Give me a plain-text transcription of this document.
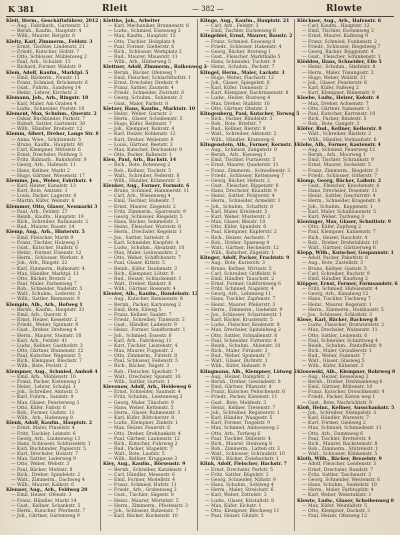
K 381	Rleit	— 382 —	Rlowte
Kleit, Herm., Geschäftsführer, 2012
— Aug., Fabrikarb., Gartenstr. 12
— Bernh., Kaufm., Hauptstr. 4
— Wilh., Maurer, Bergstr. 8
Kleitz, Karl, Zimmerm., Feldstr. 3
— Ernst, Tischler, Lindenstr. 21
— Friedr., Kutscher, Hofstr. 7
— Otto, Schlosser, Mühlenweg 2
— Paul, Arb., Schulstr. 15
— Richard, Former, Waldstr. 9
Klem, Adolf, Kaufm., Marktpl. 5
— Emil, Bäckerm., Neustr. 11
— Franz, Schmied, Brückenstr. 6
— Gust., Fuhrm., Sandweg 14
— Heinr., Lehrer, Kirchstr. 3
Klemann, Joh., Arb., Ringstr. 18
— Karl, Maler, Am Graben 4
— Ludw., Schneider, Poststr. 10
Klement, Max, Schuhm., Querstr. 2
— Oskar, Buchbinder, Parkstr. 7
— Robert, Sattler, Gartenstr. 30
— Wilh., Händler, Breitestr. 12
Klemm, Albert, Dreher, Lange Str. 8
— Anna, Wwe., Schützenstr. 5
— Bruno, Kaufm., Hauptstr. 40
— Carl, Klempner, Mittelstr. 6
— Ernst, Drechsler, Feldweg 3
— Fritz, Bahnarb., Bahnhofstr. 9
— Georg, Arb., Hafenstr. 11
— Hans, Kellner, Markt 2
— Hugo, Gärtner, Wiesenstr. 17
Klemme, Jos., Weber, Fabrikstr. 4
— Karl, Heizer, Kanalstr. 13
— Kurt, Bote, Amtsstr. 1
— Louis, Packer, Lagerstr. 8
— Martin, Küfer, Weinstr. 6
Klemmer, Otto, Glaser, Neumarkt 3
— Paul, Arb., Feldstr. 27
— Reinh., Kaufm., Hauptstr. 19
— Rich., Schreiber, Rathausstr. 2
— Rud., Maurer, Baustr. 14
Klemp, Aug., Arb., Hinterstr. 5
— Emil, Fleischer, Markt 9
— Franz, Tischler, Holzweg 3
— Gust., Kutscher, Stallstr. 6
— Heinr., Former, Eisenstr. 12
— Herm., Schlosser, Werkstr. 8
— Joh., Arb., Ringstr. 22
— Karl, Zimmerm., Balkenstr. 4
— Max, Händler, Marktpl. 11
— Otto, Bäcker, Brotstr. 2
— Paul, Maler, Farbenweg 7
— Rob., Schneider, Nadelstr. 5
— Walt., Schuhm., Lederstr. 3
— Wilh., Sattler, Riemenstr. 9
Klempin, Alb., Arb., Hofweg 1
— Bernh., Kaufm., Hauptstr. 33
— Emil, Arb., Querstr. 6
— Ernst, Heizer, Kesselstr. 2
— Friedr., Weber, Spinnstr. 8
— Gust., Dreher, Drehweg 4
— Herm., Maurer, Steinstr. 10
— Karl, Arb., Feldstr. 41
— Ludw., Kellner, Gasthofstr. 3
— Otto, Gärtner, Blumenstr. 12
— Paul, Kutscher, Wagenstr. 5
— Rich., Klempner, Blechstr. 7
— Wilh., Bote, Poststr. 2
Klempner, Aug., Schmied, Amboß 4
— Emil, Arb., Mühlenstr. 16
— Franz, Packer, Kistenweg 2
— Heinr., Lehrer, Schulpl. 1
— Joh., Schreiber, Amtsstr. 5
— Karl, Fuhrm., Sandstr. 9
— Max, Glaser, Fensterweg 3
— Otto, Küfer, Faßstr. 6
— Rob., Former, Gußstr. 11
— Wilh., Arb., Hafenweg 8
Klenk, Adolf, Kaufm., Hauptstr. 2
— Ernst, Maler, Pinselstr. 4
— Fritz, Tischler, Leimstr. 6
— Georg, Arb., Lindenweg 13
— Hans, Schlosser, Schlüsselstr. 1
— Karl, Buchbinder, Papierstr. 5
— Kurt, Drechsler, Holzstr. 7
— Max, Sattler, Lederweg 9
— Otto, Weber, Webstr. 3
— Paul, Bäcker, Mehlstr. 8
— Rich., Dreher, Spindelstr. 2
— Walt., Zimmerm., Dachweg 4
— Wilh., Maurer, Kalkstr. 6
Klenner, Aug., Arb., Feldweg 20
— Emil, Heizer, Ofenstr. 3
— Franz, Händler, Markt 14
— Gust., Kellner, Schankstr. 5
— Herm., Kutscher, Pferdestr. 7
— Joh., Gärtner, Gartenweg 9
Klettke, Joh., Arbeiter
— Karl, Mechaniker, Brunnenstr. 8
— Ludw., Schmied, Eisenweg 2
— Max, Kaufm., Hauptstr. 15
— Otto, Tischler, Holzplatz 4
— Paul, Former, Gießerstr. 6
— Rich., Schlosser, Werkplatz 3
— Rud., Maurer, Mauerstr. 11
— Wilh., Arb., Hinterweg 5
Klettner, Adolf, Zimmerm., Balkenweg 2
— Bernh., Bäcker, Ofenweg 7
— Emil, Fleischer, Schlachthofstr. 1
— Ernst, Drechsler, Drehstr. 9
— Franz, Sattler, Zaumstr. 4
— Friedr., Schneider, Zwirnstr. 6
— Georg, Schuhm., Sohlenstr. 3
— Gust., Maler, Farbstr. 8
Kletzer, Hans, Kaufm., Marktstr. 10
— Heinr., Weber, Garnstr. 2
— Herm., Glaser, Scheibenstr. 5
— Hugo, Küfer, Reifenstr. 7
— Joh., Klempner, Rohrstr. 4
— Karl, Heizer, Kohlenstr. 12
— Kurt, Dreher, Wellenstr. 6
— Louis, Gärtner, Beetstr. 3
— Max, Kutscher, Deichselstr. 9
— Otto, Packer, Ballenstr. 1
Kleu, Paul, Arb., Bachstr. 14
— Rich., Bote, Botenweg 2
— Rob., Kellner, Tischstr. 5
— Walt., Schreiber, Federstr. 8
— Wilh., Händler, Krämerstr. 3
Kleuker, Aug., Former, Formstr. 6
— Bruno, Schmied, Hammerstr. 11
— Carl, Arb., Wiesenweg 4
— Emil, Tischler, Hobelstr. 7
— Ernst, Maurer, Ziegelstr. 2
— Fritz, Zimmerm., Sparrenstr. 9
— Georg, Schlosser, Riegelstr. 5
— Hans, Bäcker, Semmelstr. 3
— Heinr., Fleischer, Wurststr. 8
— Herm., Drechsler, Kegelstr. 1
— Jos., Sattler, Sattelstr. 6
— Karl, Schneider, Knopfstr. 4
— Ludw., Schuhm., Absatzstr. 10
— Max, Maler, Leinwandstr. 2
— Otto, Weber, Schiffchenstr. 7
— Paul, Glaser, Kittstr. 5
— Reinh., Küfer, Daubenstr. 3
— Rich., Klempner, Lötstr. 9
— Rud., Heizer, Schlackenstr. 1
— Walt., Dreher, Bankstr. 6
— Wilh., Gärtner, Rosenstr. 4
Kleuter, Alb., Kaufm., Handelsstr. 12
— Aug., Kutscher, Remisenstr. 8
— Bernh., Packer, Kartonweg 2
— Emil, Bote, Eilweg 5
— Franz, Kellner, Saalstr. 7
— Friedr., Schreiber, Tintenstr. 3
— Gust., Händler, Ladenstr. 9
— Heinr., Former, Sandformstr. 1
— Joh., Schmied, Essestr. 6
— Karl, Arb., Fabrikweg 11
— Kurt, Tischler, Leistenstr. 4
— Max, Maurer, Fugenstr. 2
— Otto, Zimmerm., Firststr. 8
— Paul, Schlosser, Feilenstr. 5
— Rich., Bäcker, Teigstr. 3
— Rob., Fleischer, Speckstr. 7
— Walt., Drechsler, Spanstr. 10
— Wilh., Sattler, Gurtstr. 1
Klevenow, Adolf, Arb., Heideweg 6
— Ernst, Schneider, Saumstr. 4
— Fritz, Schuhm., Leistenweg 2
— Georg, Maler, Tünchstr. 9
— Hans, Weber, Kettenstr. 5
— Herm., Glaser, Rahmenstr. 3
— Karl, Küfer, Böttcherstr. 8
— Ludw., Klempner, Zinkstr. 1
— Max, Heizer, Feuerstr. 6
— Otto, Dreher, Drehbankstr. 4
— Paul, Gärtner, Laubenstr. 12
— Rich., Kutscher, Fuhrweg 2
— Rud., Packer, Stapelstr. 7
— Walt., Bote, Laufstr. 5
— Wilh., Kellner, Kruggasse 3
Kley, Aug., Kaufm., Börsenstr. 9
— Bernh., Schreiber, Kanzleistr. 1
— Carl, Händler, Messestr. 6
— Emil, Former, Modellstr. 4
— Franz, Schmied, Hufstr. 11
— Friedr., Arb., Grabenweg 2
— Gust., Tischler, Sägestr. 8
— Heinr., Maurer, Mörtelstr. 5
— Herm., Zimmerm., Pfostenstr. 3
— Joh., Schlosser, Bolzenstr. 7
— Karl, Bäcker, Kuchenstr. 10
Klinge, Aug., Kaufm., Hauptstr. 21
— Carl, Arb., Feldstr. 3
— Emil, Tischler, Eichenweg 6
Klingebiel, Ernst, Maurer, Baustr. 2
— Franz, Schmied, Esseweg 8
— Friedr., Schlosser, Hakenstr. 4
— Georg, Bäcker, Brotweg 1
— Gust., Fleischer, Markthalle 5
— Hans, Schneider, Tuchstr. 9
— Heinr., Schuhm., Pechstr. 7
Klingel, Herm., Maler, Lackstr. 3
— Hugo, Weber, Flachsstr. 12
— Joh., Glaser, Spiegelstr. 6
— Karl, Küfer, Tonnenstr. 2
— Kurt, Klempner, Dachrinnenstr. 8
— Ludw., Heizer, Rostweg 4
— Max, Dreher, Stahlstr. 10
— Otto, Gärtner, Obststr. 1
Klingenberg, Paul, Kutscher, Torweg 5
— Rich., Packer, Bündelstr. 3
— Rob., Bote, Briefstr. 7
— Rud., Kellner, Bierstr. 9
— Walt., Schreiber, Aktenstr. 2
— Wilh., Händler, Kramweg 6
Klingenstein, Alb., Former, Kernstr. 4
— Aug., Schmied, Zangenstr. 8
— Bernh., Arb., Kiesweg 1
— Emil, Tischler, Furnierstr. 5
— Ernst, Maurer, Quaderstr. 11
— Franz, Zimmerm., Schwellenstr. 3
— Friedr., Schlosser, Kettenweg 7
— Georg, Bäcker, Hefestr. 2
— Gust., Fleischer, Rippenstr. 6
— Hans, Drechsler, Knaufstr. 9
— Heinr., Sattler, Polsterstr. 4
— Herm., Schneider, Ärmelstr. 1
— Joh., Schuhm., Schaftstr. 8
— Karl, Maler, Kreidestr. 5
— Kurt, Weber, Musterstr. 3
— Max, Glaser, Bleistr. 10
— Otto, Küfer, Spundstr. 6
— Paul, Klempner, Kupferstr. 2
— Rich., Heizer, Aschestr. 7
— Rob., Dreher, Spanweg 4
— Walt., Gärtner, Heckenstr. 12
— Wilh., Kutscher, Zügelstr. 1
Klinger, Adolf, Packer, Frachtstr. 9
— Aug., Bote, Kurierstr. 3
— Bruno, Kellner, Wirtsstr. 5
— Carl, Schreiber, Griffelstr. 8
— Emil, Händler, Tauschstr. 2
— Ernst, Former, Gußformweg 6
— Fritz, Schmied, Nagelstr. 4
— Georg, Arb., Lehmweg 11
— Hans, Tischler, Zapfenstr. 7
— Heinr., Maurer, Pfeilerstr. 3
— Herm., Zimmerm., Giebelstr. 9
— Jos., Schlosser, Scharnierstr. 1
— Karl, Bäcker, Krustenstr. 5
— Ludw., Fleischer, Keulenstr. 8
— Max, Drechsler, Spindelweg 2
— Otto, Sattler, Schnallenstr. 6
— Paul, Schneider, Futterstr. 4
— Reinh., Schuhm., Ahlenstr. 10
— Rich., Maler, Firnisstr. 3
— Rud., Weber, Spulenstr. 7
— Walt., Glaser, Dichtstr. 1
— Wilh., Küfer, Hahnstr. 9
Klingmann, Alb., Klempner, Lötweg 5
— Aug., Heizer, Dampfstr. 2
— Bernh., Dreher, Gewindestr. 8
— Emil, Gärtner, Pflanzstr. 4
— Franz, Kutscher, Peitschenstr. 6
— Friedr., Packer, Kistenstr. 11
— Gust., Bote, Meldestr. 3
— Heinr., Kellner, Tresenstr. 7
— Joh., Schreiber, Registerstr. 1
— Karl, Händler, Waagestr. 5
— Kurt, Former, Tiegelstr. 9
— Max, Schmied, Ambossweg 2
— Otto, Arb., Torfweg 6
— Paul, Tischler, Dübelstr. 4
— Rich., Maurer, Steinweg 8
— Rob., Zimmerm., Latten str. 3
— Walt., Schlosser, Schraubstr. 10
— Wilh., Bäcker, Zwiebackstr. 1
Klink, Adolf, Fleischer, Hackstr. 7
— Ernst, Drechsler, Perlstr. 5
— Fritz, Sattler, Bügelstr. 2
— Georg, Schneider, Nähstr. 9
— Hans, Schuhm., Sohlweg 4
— Herm., Maler, Streichstr. 6
— Karl, Weber, Zettelstr. 3
— Ludw., Glaser, Kristallstr. 8
— Max, Küfer, Eichstr. 1
— Otto, Klempner, Blechweg 11
— Paul, Heizer, Glutstr. 5
Klöckner, Aug., Arb., Hafenstr. 6
— Carl, Kaufm., Hauptstr. 12
— Emil, Tischler, Eschenweg 3
— Ernst, Maurer, Kalkweg 9
— Franz, Schmied, Funkenstr. 2
— Friedr., Schlosser, Riegelweg 7
— Georg, Bäcker, Roggenstr. 4
— Gust., Fleischer, Schinkenstr. 1
Klödden, Hans, Schneider, Elle 5
— Heinr., Schuhm., Stiefelstr. 8
— Herm., Maler, Tönungsstr. 3
— Hugo, Weber, Wollstr. 11
— Joh., Glaser, Fensterstr. 6
— Karl, Küfer, Faßweg 2
— Kurt, Klempner, Rinnenstr. 9
Kloebe, Ludw., Heizer, Kokstr. 4
— Max, Dreher, Achsenstr. 7
— Otto, Gärtner, Samenstr. 1
— Paul, Kutscher, Karrenstr. 10
— Rich., Packer, Bindestr. 5
— Rob., Bote, Gangstr. 3
Klöfer, Rud., Kellner, Kellerstr. 8
— Walt., Schreiber, Blattstr. 2
— Wilh., Händler, Verkaufsstr. 6
Klohs, Alb., Former, Kastenstr. 4
— Aug., Schmied, Feuerweg 12
— Bernh., Arb., Moorweg 1
— Emil, Tischler, Schrankstr. 9
— Ernst, Maurer, Sockelstr. 5
— Franz, Zimmerm., Riegelstr. 3
— Friedr., Schlosser, Gitterstr. 7
Klomp, Georg, Bäcker, Laibstr. 2
— Gust., Fleischer, Knochenstr. 6
— Hans, Drechsler, Dosenstr. 11
— Heinr., Sattler, Geschirrstr. 4
— Herm., Schneider, Kragenstr. 8
— Joh., Schuhm., Kappenstr. 1
— Karl, Maler, Schablonenstr. 5
— Kurt, Weber, Tuchweg 3
Kloninger, Max, Glaser, Schnittstr. 9
— Otto, Küfer, Zapfweg 2
— Paul, Klempner, Kannenstr. 7
— Rich., Heizer, Rauchstr. 4
— Rob., Dreher, Drehstahlstr. 10
— Walt., Gärtner, Gärtnerweg 6
Klopp, Wilh., Kutscher, Gespannstr. 1
— Adolf, Packer, Pakettstr. 8
— Aug., Bote, Zustellstr. 3
— Bruno, Kellner, Gaststr. 5
— Carl, Schreiber, Buchstr. 9
— Emil, Händler, Kaufweg 2
Klöpper, Ernst, Former, Formsandstr. 6
— Fritz, Schmied, Hufeisenstr. 4
— Georg, Arb., Kanalweg 12
— Hans, Tischler, Tischweg 7
— Heinr., Maurer, Bogenstr. 1
— Herm., Zimmerm., Holzbaustr. 5
— Jos., Schlosser, Schloßstr. 3
Klose, Karl, Bäcker, Backweg 8
— Ludw., Fleischer, Bratwurststr. 2
— Max, Drechsler, Walzenstr. 11
— Otto, Sattler, Leinenstr. 6
— Paul, Schneider, Schnittweg 4
— Reinh., Schuhm., Pantoffelstr. 9
— Rich., Maler, Grundierstr. 1
— Rud., Weber, Fadenstr. 7
— Walt., Glaser, Glasweg 5
— Wilh., Küfer, Kübelstr. 3
Klosowski, Alb., Klempner, Rohrweg 8
— Aug., Heizer, Kesselweg 2
— Bernh., Dreher, Drehbankweg 6
— Emil, Gärtner, Blütenstr. 10
— Franz, Kutscher, Droschkenstr. 4
— Friedr., Packer, Kisten weg 1
— Gust., Bote, Nachrichtstr. 9
Kloß, Heinr., Kellner, Ausschankstr. 5
— Joh., Schreiber, Stempelstr. 3
— Karl, Händler, Warenstr. 7
— Kurt, Former, Gießweg 2
— Max, Schmied, Schmiedestr. 11
— Otto, Arb., Dammweg 6
— Paul, Tischler, Bretterstr. 4
— Rich., Maurer, Backsteinstr. 8
— Rob., Zimmerm., Stützenstr. 1
— Walt., Schlosser, Klinkenstr. 5
Kloth, Wilh., Bäcker, Brezelstr. 9
— Adolf, Fleischer, Lendenstr. 3
— Ernst, Drechsler, Rundstr. 7
— Fritz, Sattler, Taschenstr. 2
— Georg, Schneider, Westenstr. 6
— Hans, Schuhm., Senkelstr. 10
— Herm., Maler, Farbtopfstr. 4
— Karl, Weber, Webstuhlstr. 1
Klowte, Ludw., Glaser, Scheibenweg 8
— Max, Küfer, Weinfaßstr. 5
— Otto, Klempner, Dachstr. 3
— Paul, Heizer, Ofenweg 12
